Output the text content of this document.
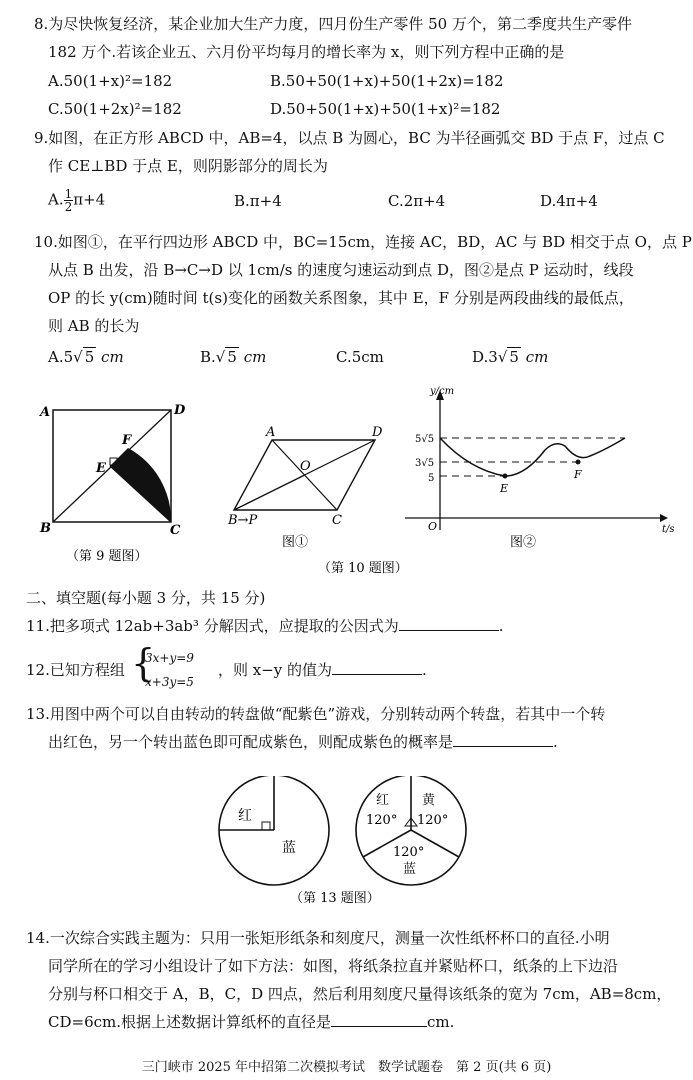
8.为尽快恢复经济，某企业加大生产力度，四月份生产零件 50 万个，第二季度共生产零件
182 万个.若该企业五、六月份平均每月的增长率为 x，则下列方程中正确的是
A.50(1+x)²=182	B.50+50(1+x)+50(1+2x)=182
C.50(1+2x)²=182	D.50+50(1+x)+50(1+x)²=182
9.如图，在正方形 ABCD 中，AB=4，以点 B 为圆心，BC 为半径画弧交 BD 于点 F，过点 C
作 CE⊥BD 于点 E，则阴影部分的周长为
A. $\frac{1}{2} \pi+4$	B.π+4	C.2π+4	D.4π+4
10.如图①，在平行四边形 ABCD 中，BC=15cm，连接 AC，BD，AC 与 BD 相交于点 O，点 P
从点 B 出发，沿 B→C→D 以 1cm/s 的速度匀速运动到点 D，图②是点 P 运动时，线段
OP 的长 y(cm)随时间 t(s)变化的函数关系图象，其中 E，F 分别是两段曲线的最低点，
则 AB 的长为
A.5√ 5 cm	B.√ 5 cm	C.5cm	D.3√ 5 cm
A	D
B	C
E
F
（第 9 题图）
A	D
O
B→P	C
图①
（第 10 题图）
y/cm
t/s
O
5√5
3√5
5
E
F
图②
二、填空题(每小题 3 分，共 15 分)
11.把多项式 12ab+3ab³ 分解因式，应提取的公因式为	.
12.已知方程组 {
3x+y=9
x+3y=5
，则 x−y 的值为	.
13.用图中两个可以自由转动的转盘做“配紫色”游戏，分别转动两个转盘，若其中一个转
出红色，另一个转出蓝色即可配成紫色，则配成紫色的概率是	.
红
蓝
红	黄
120° 120°
120°
蓝
（第 13 题图）
14.一次综合实践主题为：只用一张矩形纸条和刻度尺，测量一次性纸杯杯口的直径.小明
同学所在的学习小组设计了如下方法：如图，将纸条拉直并紧贴杯口，纸条的上下边沿
分别与杯口相交于 A，B，C，D 四点，然后利用刻度尺量得该纸条的宽为 7cm，AB=8cm，
CD=6cm.根据上述数据计算纸杯的直径是	cm.
三门峡市 2025 年中招第二次模拟考试　数学试题卷　第 2 页(共 6 页)
